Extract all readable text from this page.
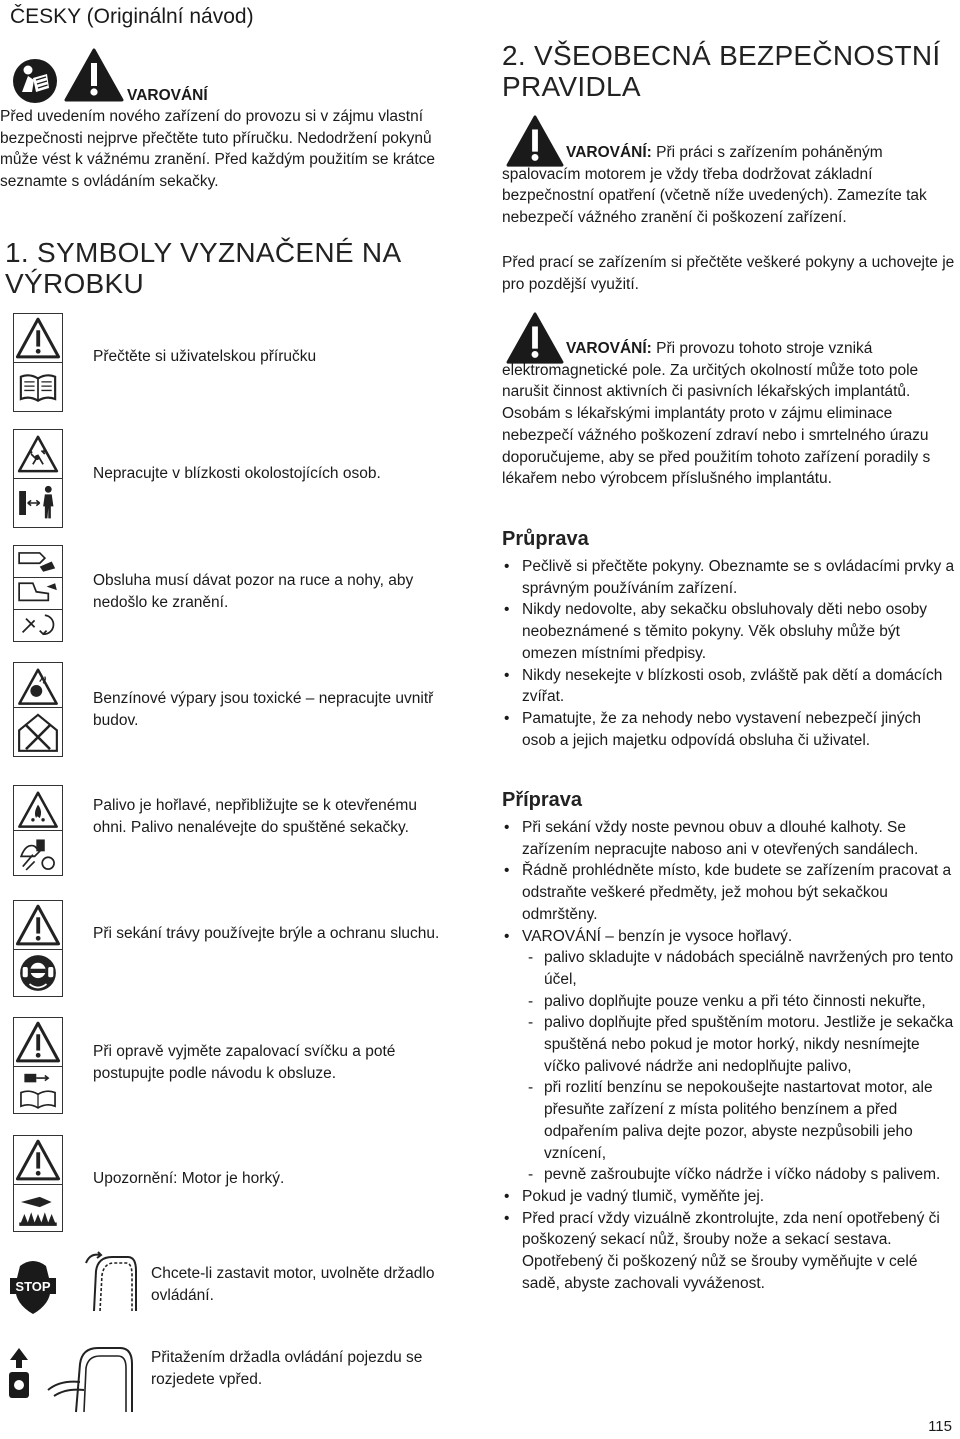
ČESKY (Originální návod)
VAROVÁNÍ
Před uvedením nového zařízení do provozu si v zájmu vlastní bezpečnosti nejprve přečtěte tuto příručku. Nedodržení pokynů může vést k vážnému zranění. Před každým použitím se krátce seznamte s ovládáním sekačky.
1. SYMBOLY VYZNAČENÉ NA VÝROBKU
Přečtěte si uživatelskou příručku
Nepracujte v blízkosti okolostojících osob.
Obsluha musí dávat pozor na ruce a nohy, aby nedošlo ke zranění.
Benzínové výpary jsou toxické – nepracujte uvnitř budov.
Palivo je hořlavé, nepřibližujte se k otevřenému ohni. Palivo nenalévejte do spuštěné sekačky.
Při sekání trávy používejte brýle a ochranu sluchu.
Při opravě vyjměte zapalovací svíčku a poté postupujte podle návodu k obsluze.
Upozornění: Motor je horký.
STOP
Chcete-li zastavit motor, uvolněte držadlo ovládání.
Přitažením držadla ovládání pojezdu se rozjedete vpřed.
2. VŠEOBECNÁ BEZPEČNOSTNÍ PRAVIDLA
VAROVÁNÍ: Při práci s zařízením poháněným spalovacím motorem je vždy třeba dodržovat základní bezpečnostní opatření (včetně níže uvedených). Zamezíte tak nebezpečí vážného zranění či poškození zařízení.
Před prací se zařízením si přečtěte veškeré pokyny a uchovejte je pro pozdější využití.
VAROVÁNÍ: Při provozu tohoto stroje vzniká elektromagnetické pole. Za určitých okolností může toto pole narušit činnost aktivních či pasivních lékařských implantátů. Osobám s lékařskými implantáty proto v zájmu eliminace nebezpečí vážného poškození zdraví nebo i smrtelného úrazu doporučujeme, aby se před použitím tohoto zařízení poradily s lékařem nebo výrobcem příslušného implantátu.
Průprava
• Pečlivě si přečtěte pokyny. Obeznamte se s ovládacími prvky a správným používáním zařízení.
• Nikdy nedovolte, aby sekačku obsluhovaly děti nebo osoby neobeznámené s těmito pokyny. Věk obsluhy může být omezen místními předpisy.
• Nikdy nesekejte v blízkosti osob, zvláště pak dětí a domácích zvířat.
• Pamatujte, že za nehody nebo vystavení nebezpečí jiných osob a jejich majetku odpovídá obsluha či uživatel.
Příprava
• Při sekání vždy noste pevnou obuv a dlouhé kalhoty. Se zařízením nepracujte naboso ani v otevřených sandálech.
• Řádně prohlédněte místo, kde budete se zařízením pracovat a odstraňte veškeré předměty, jež mohou být sekačkou odmrštěny.
• VAROVÁNÍ – benzín je vysoce hořlavý.
- palivo skladujte v nádobách speciálně navržených pro tento účel,
- palivo doplňujte pouze venku a při této činnosti nekuřte,
- palivo doplňujte před spuštěním motoru. Jestliže je sekačka spuštěná nebo pokud je motor horký, nikdy nesnímejte víčko palivové nádrže ani nedoplňujte palivo,
- při rozlití benzínu se nepokoušejte nastartovat motor, ale přesuňte zařízení z místa politého benzínem a před odpařením paliva dejte pozor, abyste nezpůsobili jeho vznícení,
- pevně zašroubujte víčko nádrže i víčko nádoby s palivem.
• Pokud je vadný tlumič, vyměňte jej.
• Před prací vždy vizuálně zkontrolujte, zda není opotřebený či poškozený sekací nůž, šrouby nože a sekací sestava. Opotřebený či poškozený nůž se šrouby vyměňujte v celé sadě, abyste zachovali vyváženost.
115
